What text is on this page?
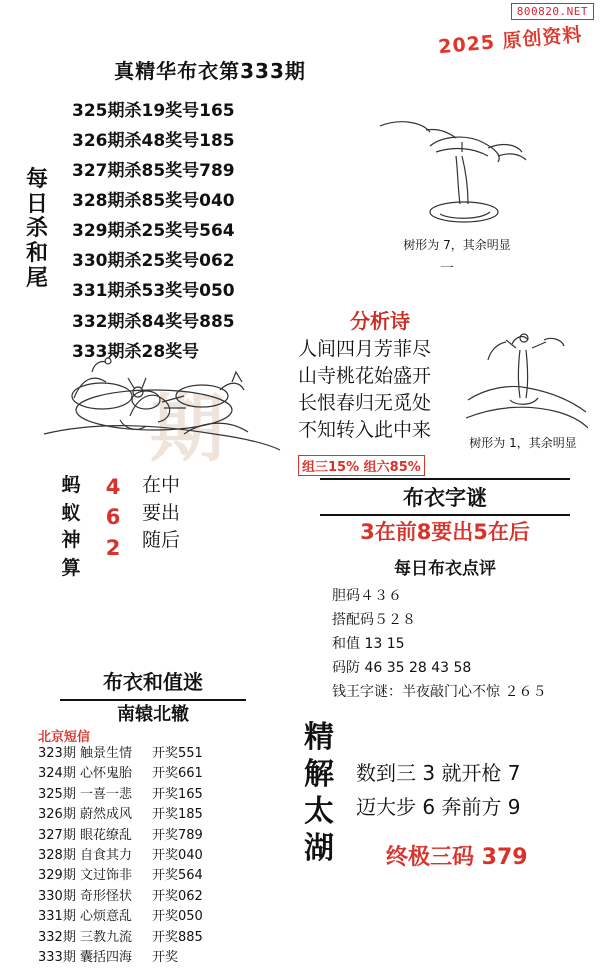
800820.NET
2025 原创资料
真精华布衣第333期
期
每日杀和尾
325期杀19奖号165
326期杀48奖号185
327期杀85奖号789
328期杀85奖号040
329期杀25奖号564
330期杀25奖号062
331期杀53奖号050
332期杀84奖号885
333期杀28奖号
蚂蚁神算
4
6
2
在中
要出
随后
布衣和值迷
南辕北辙
北京短信
323期 触景生情 开奖551
324期 心怀鬼胎 开奖661
325期 一喜一悲 开奖165
326期 蔚然成风 开奖185
327期 眼花缭乱 开奖789
328期 自食其力 开奖040
329期 文过饰非 开奖564
330期 奇形怪状 开奖062
331期 心烦意乱 开奖050
332期 三教九流 开奖885
333期 囊括四海 开奖
树形为 7，其余明显
一
分析诗
人间四月芳菲尽
山寺桃花始盛开
长恨春归无觅处
不知转入此中来
树形为 1，其余明显
组三15% 组六85%
布衣字谜
3在前8要出5在后
每日布衣点评
胆码４３６
搭配码５２８
和值 13 15
码防 46 35 28 43 58
钱王字谜：半夜敲门心不惊 ２６５
精解太湖
数到三 3 就开枪 7
迈大步 6 奔前方 9
终极三码 379
